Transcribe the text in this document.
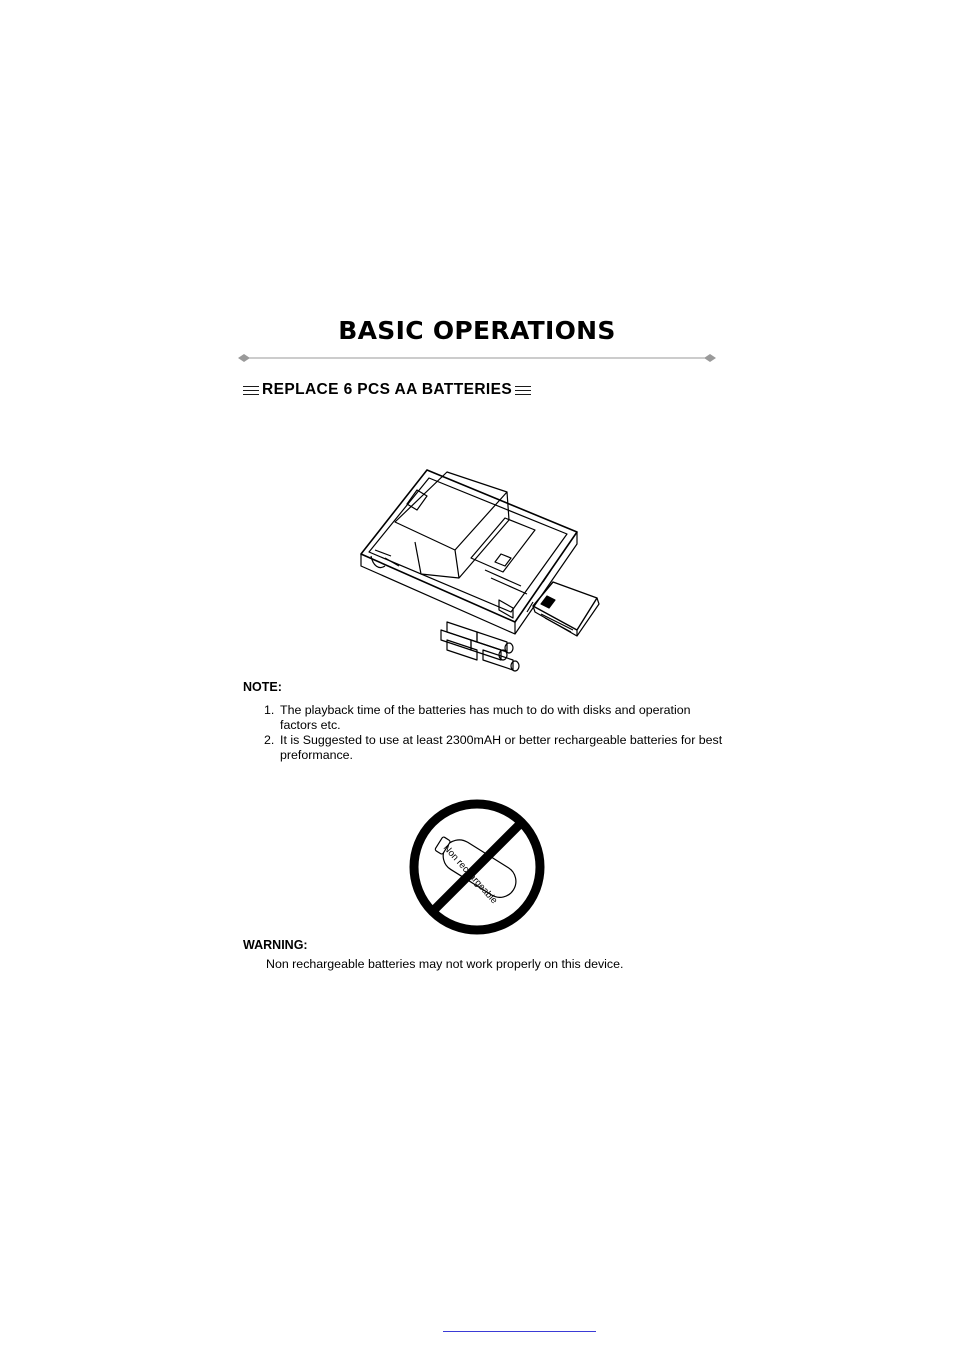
BASIC OPERATIONS
REPLACE 6 PCS AA BATTERIES
NOTE:
1. The playback time of the batteries has much to do with disks and operation factors etc.
2. It is Suggested to use at least 2300mAH or better rechargeable batteries for best preformance.
Non rechargeable
WARNING:
Non rechargeable batteries may not work properly on this device.
